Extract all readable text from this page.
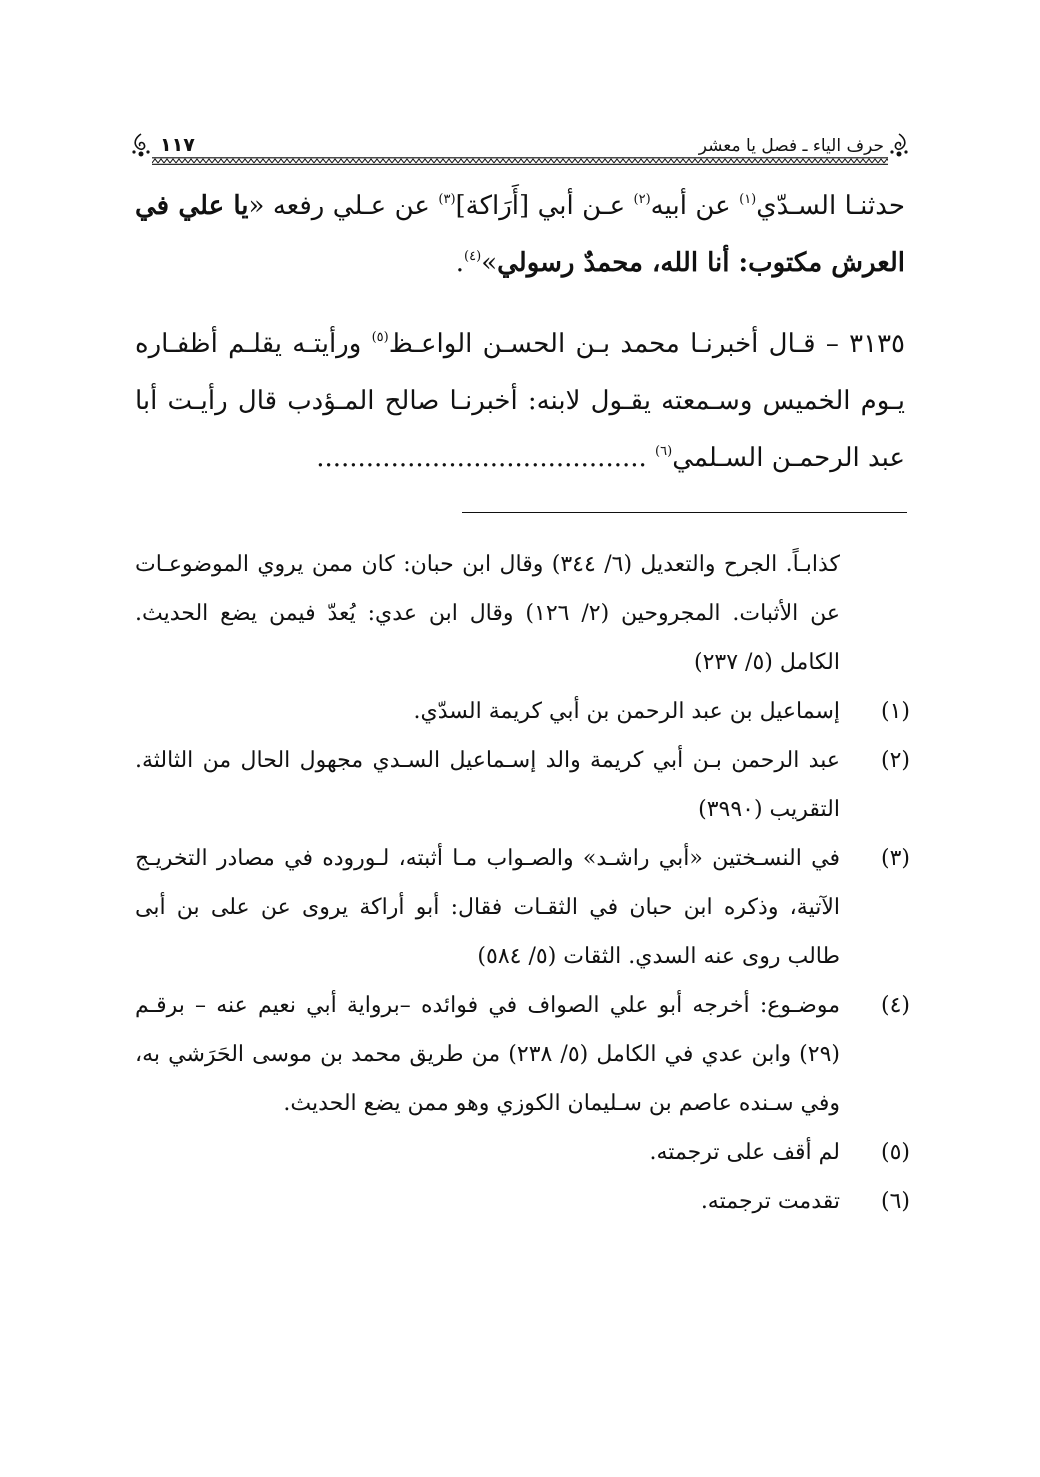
حرف الياء ـ فصل يا معشر
١١٧

حدثنـا السـدّي$^{(١)}$ عن أبيه$^{(٢)}$ عـن أبي [أَرَاكة]$^{(٣)}$ عن عـلي رفعه «يا علي في العرش مكتوب: أنا الله، محمدٌ رسولي»$^{(٤)}$.

٣١٣٥ – قـال أخبرنـا محمد بـن الحسـن الواعـظ$^{(٥)}$ ورأيتـه يقلـم أظفـاره يـوم الخميس وسـمعته يقـول لابنه: أخبرنـا صالح المـؤدب قال رأيـت أبا عبد الرحمـن السـلمي$^{(٦)}$ ........................................

كذابـاً. الجرح والتعديل (٦/ ٣٤٤) وقال ابن حبان: كان ممن يروي الموضوعـات عن الأثبات. المجروحين (٢/ ١٢٦) وقال ابن عدي: يُعدّ فيمن يضع الحديث. الكامل (٥/ ٢٣٧)

(١)
إسماعيل بن عبد الرحمن بن أبي كريمة السدّي.
(٢)
عبد الرحمن بـن أبي كريمة والد إسـماعيل السـدي مجهول الحال من الثالثة. التقريب (٣٩٩٠)
(٣)
في النسـختين «أبي راشـد» والصـواب مـا أثبته، لـوروده في مصادر التخريـج الآتية، وذكره ابن حبان في الثقـات فقال: أبو أراكة يروى عن على بن أبى طالب روى عنه السدي. الثقات (٥/ ٥٨٤)
(٤)
موضـوع: أخرجه أبو علي الصواف في فوائده –برواية أبي نعيم عنه – برقـم (٢٩) وابن عدي في الكامل (٥/ ٢٣٨) من طريق محمد بن موسى الحَرَشي به، وفي سـنده عاصم بن سـليمان الكوزي وهو ممن يضع الحديث.
(٥)
لم أقف على ترجمته.
(٦)
تقدمت ترجمته.
